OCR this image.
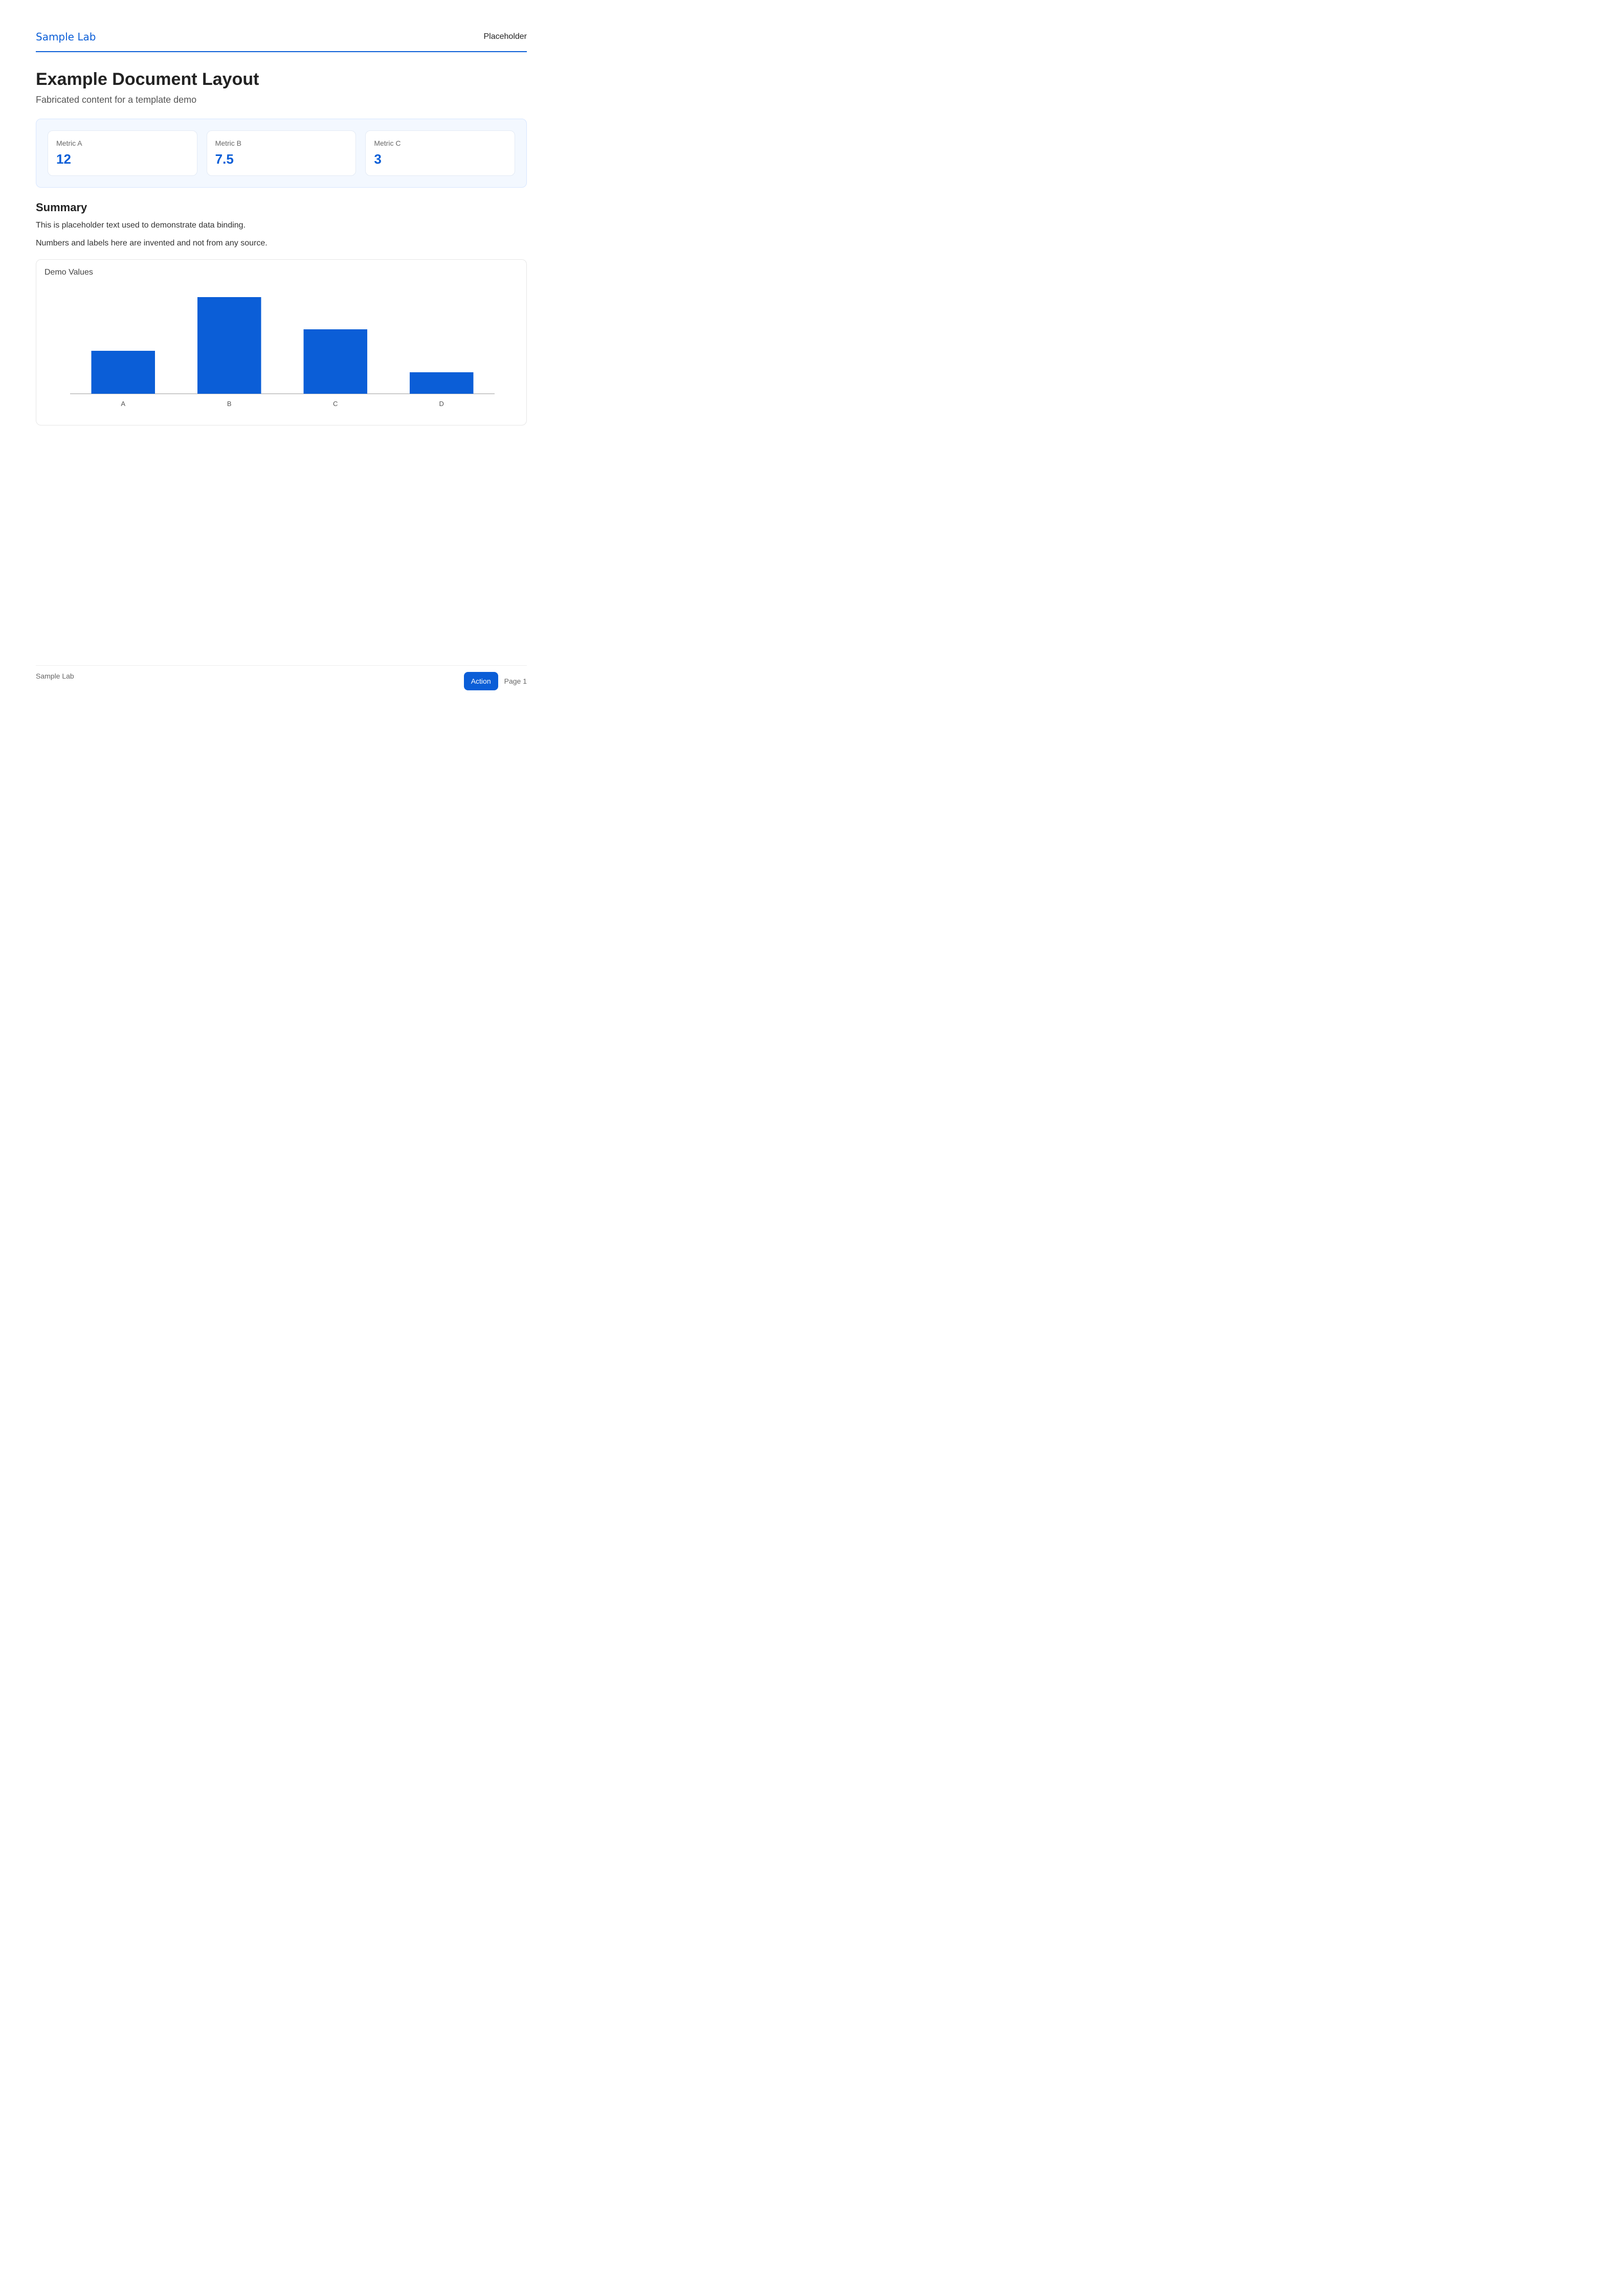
Sample Lab	Placeholder
Example Document Layout
Fabricated content for a template demo
Metric A
12
Metric B
7.5
Metric C
3
Summary

This is placeholder text used to demonstrate data binding.

Numbers and labels here are invented and not from any source.

Demo Values
A	B	C	D
Sample Lab
Action	Page 1
